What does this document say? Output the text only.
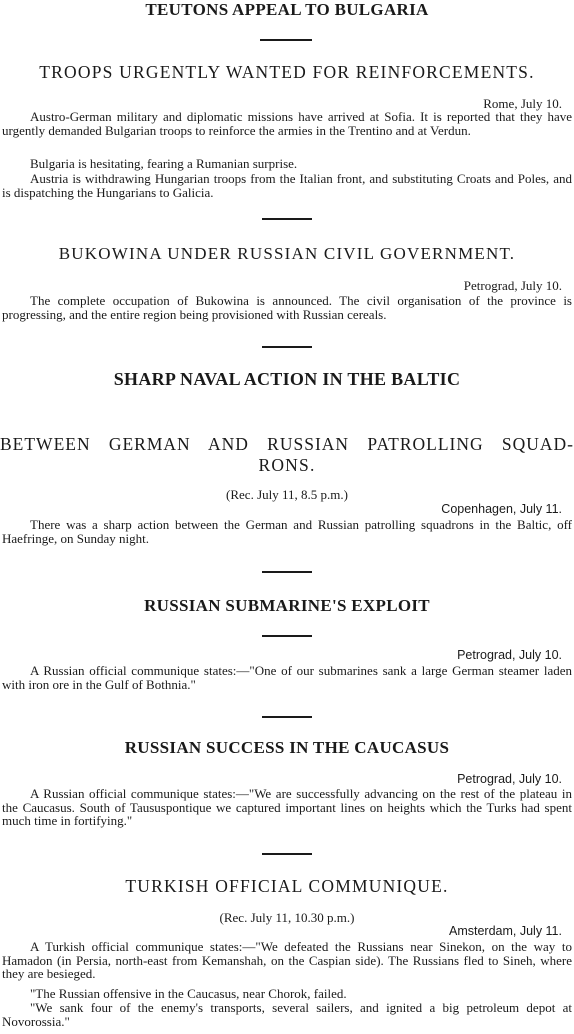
TEUTONS APPEAL TO BULGARIA
TROOPS URGENTLY WANTED FOR REINFORCEMENTS.
Rome, July 10.
Austro-German military and diplomatic missions have arrived at Sofia. It is reported that they have urgently demanded Bulgarian troops to reinforce the armies in the Trentino and at Verdun.
Bulgaria is hesitating, fearing a Rumanian surprise.
Austria is withdrawing Hungarian troops from the Italian front, and substituting Croats and Poles, and is dispatching the Hungarians to Galicia.
BUKOWINA UNDER RUSSIAN CIVIL GOVERNMENT.
Petrograd, July 10.
The complete occupation of Bukowina is announced. The civil organisation of the province is progressing, and the entire region being provisioned with Russian cereals.
SHARP NAVAL ACTION IN THE BALTIC
BETWEEN GERMAN AND RUSSIAN PATROLLING SQUAD-
RONS.
(Rec. July 11, 8.5 p.m.)
Copenhagen, July 11.
There was a sharp action between the German and Russian patrolling squadrons in the Baltic, off Haefringe, on Sunday night.
RUSSIAN SUBMARINE'S EXPLOIT
Petrograd, July 10.
A Russian official communique states:—"One of our submarines sank a large German steamer laden with iron ore in the Gulf of Bothnia."
RUSSIAN SUCCESS IN THE CAUCASUS
Petrograd, July 10.
A Russian official communique states:—"We are successfully advancing on the rest of the plateau in the Caucasus. South of Taususpontique we captured important lines on heights which the Turks had spent much time in fortifying."
TURKISH OFFICIAL COMMUNIQUE.
(Rec. July 11, 10.30 p.m.)
Amsterdam, July 11.
A Turkish official communique states:—"We defeated the Russians near Sinekon, on the way to Hamadon (in Persia, north-east from Kemanshah, on the Caspian side). The Russians fled to Sineh, where they are besieged.
"The Russian offensive in the Caucasus, near Chorok, failed.
"We sank four of the enemy's transports, several sailers, and ignited a big petroleum depot at Novorossia."
